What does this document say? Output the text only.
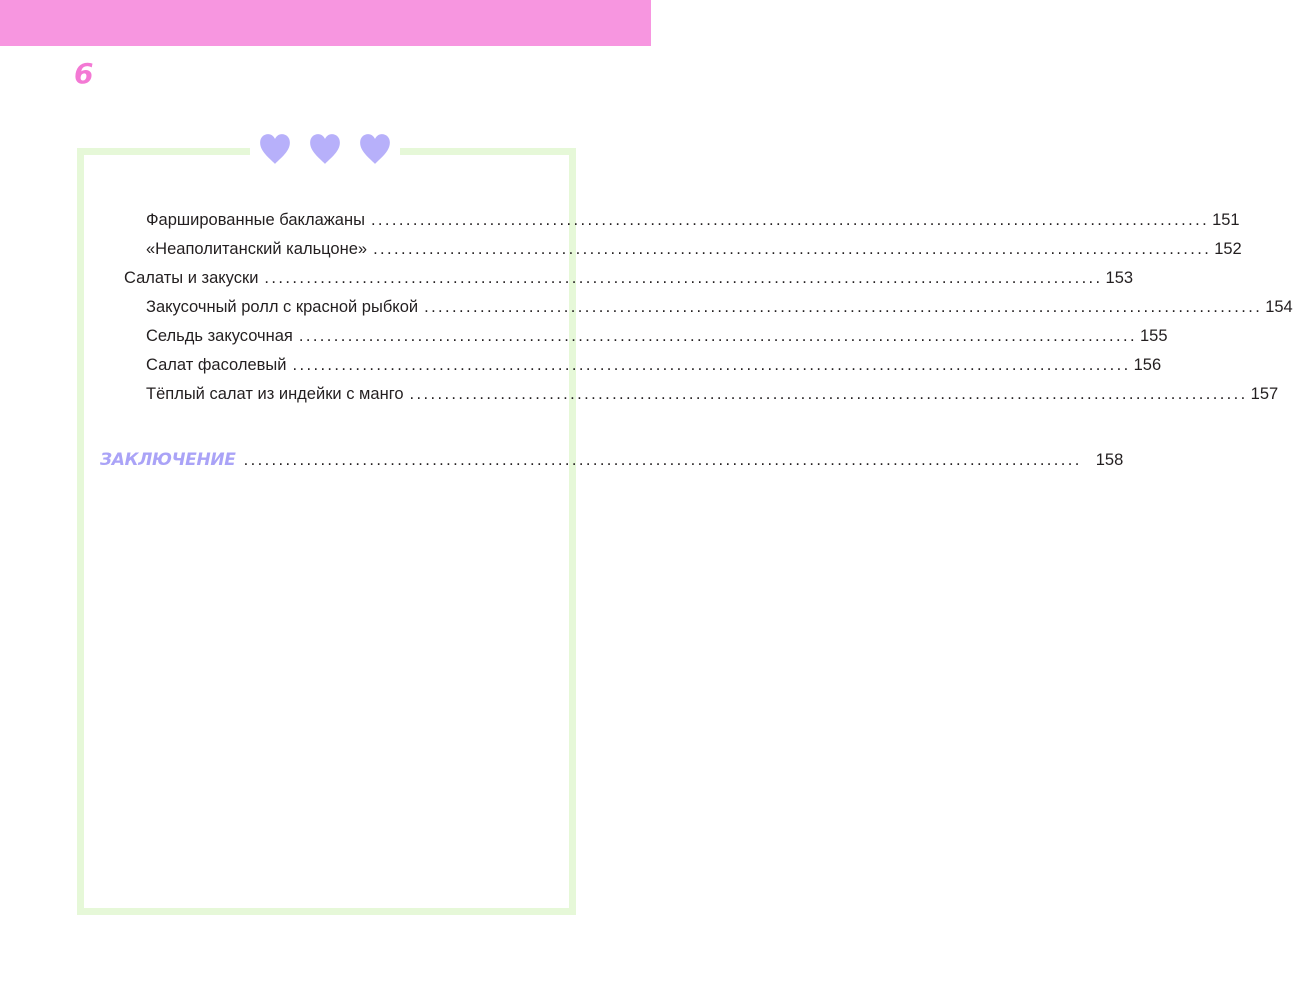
6
Фаршированные баклажаны ........................................................................................................................ 151
«Неаполитанский кальцоне» ........................................................................................................................ 152
Салаты и закуски ........................................................................................................................ 153
Закусочный ролл с красной рыбкой ........................................................................................................................ 154
Сельдь закусочная ........................................................................................................................ 155
Салат фасолевый ........................................................................................................................ 156
Тёплый салат из индейки с манго ........................................................................................................................ 157
ЗАКЛЮЧЕНИЕ ........................................................................................................................ 158
